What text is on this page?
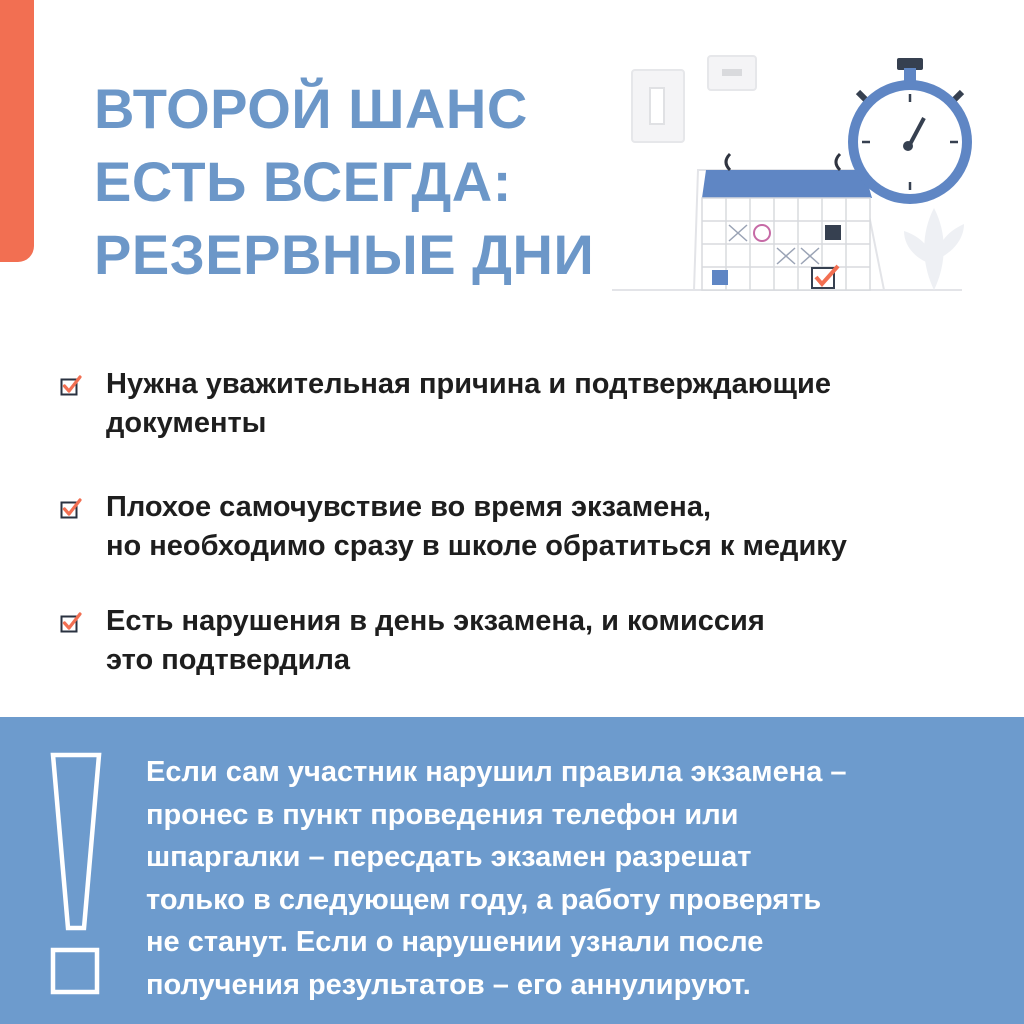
ВТОРОЙ ШАНС
ЕСТЬ ВСЕГДА:
РЕЗЕРВНЫЕ ДНИ
Нужна уважительная причина и подтверждающие
документы
Плохое самочувствие во время экзамена,
но необходимо сразу в школе обратиться к медику
Есть нарушения в день экзамена, и комиссия
это подтвердила

Если сам участник нарушил правила экзамена –
пронес в пункт проведения телефон или
шпаргалки – пересдать экзамен разрешат
только в следующем году, а работу проверять
не станут. Если о нарушении узнали после
получения результатов – его аннулируют.
